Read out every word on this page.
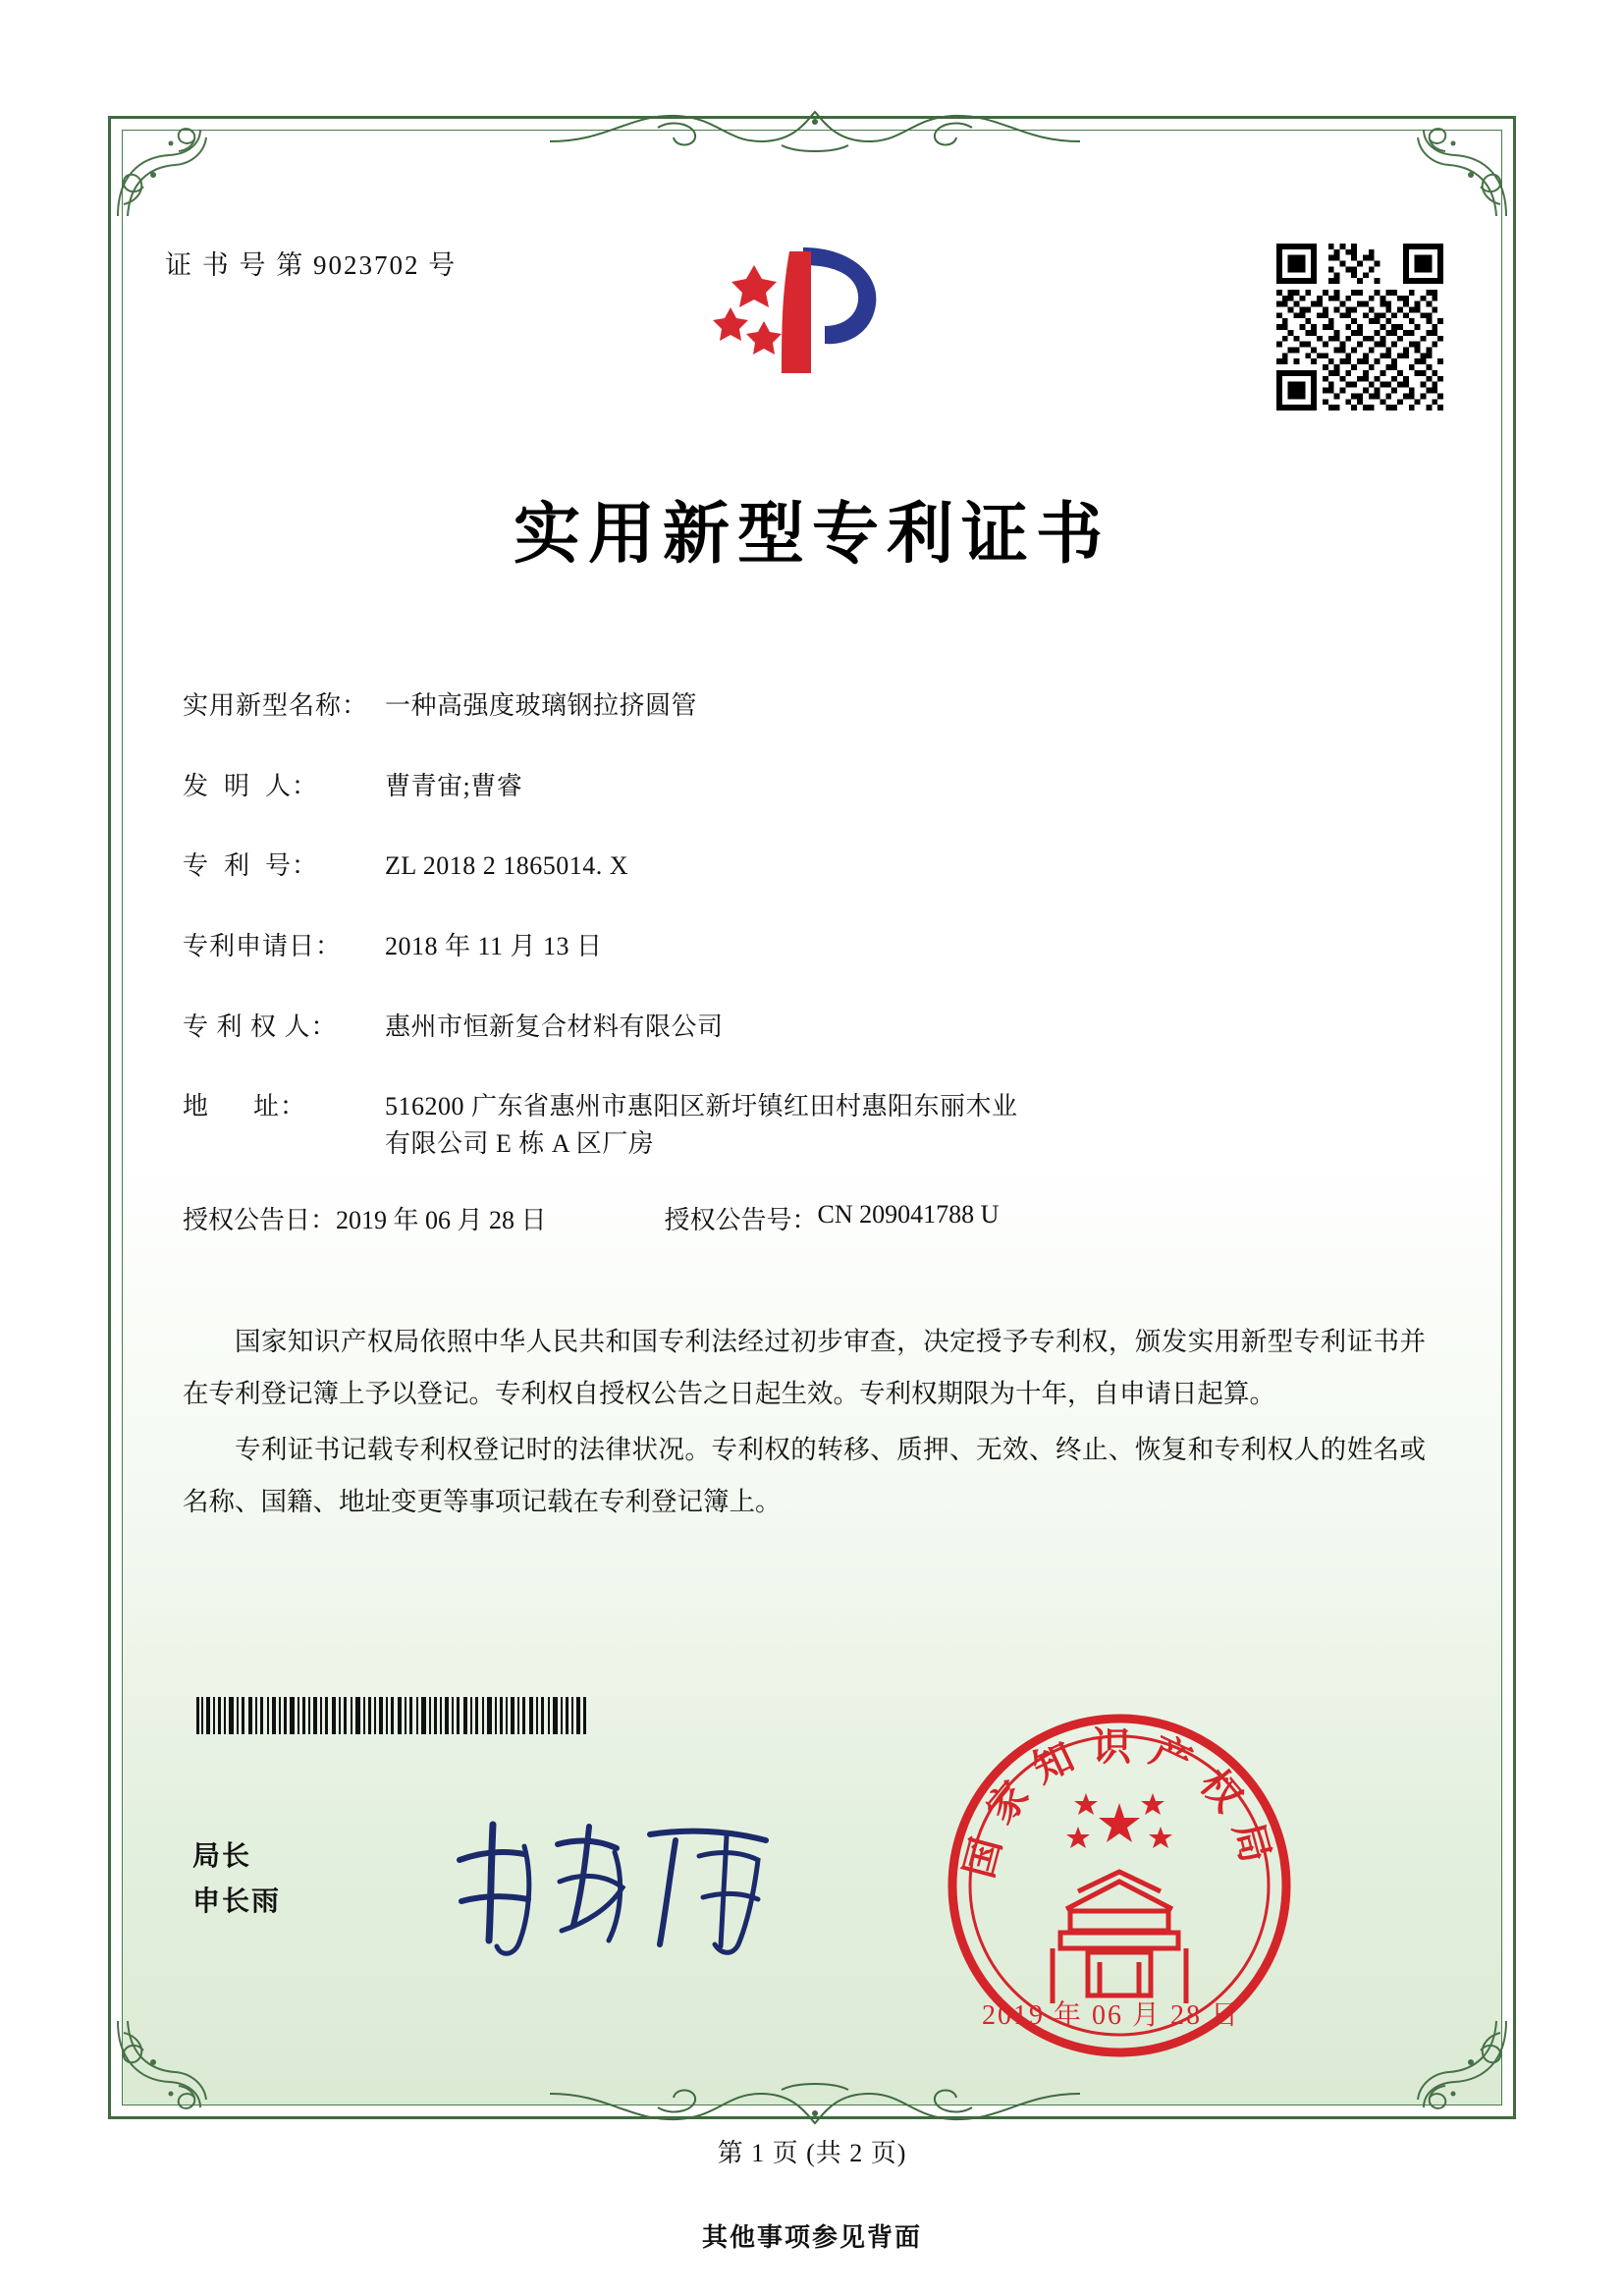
证 书 号 第 9023702 号
实用新型专利证书
实用新型名称： 一种高强度玻璃钢拉挤圆管
发  明  人：	曹青宙;曹睿
专  利  号：	ZL 2018 2 1865014. X
专利申请日：	2018 年 11 月 13 日
专 利 权 人：	惠州市恒新复合材料有限公司
地      址：	516200 广东省惠州市惠阳区新圩镇红田村惠阳东丽木业
有限公司 E 栋 A 区厂房
授权公告日： 2019 年 06 月 28 日	授权公告号： CN 209041788 U

国家知识产权局依照中华人民共和国专利法经过初步审查，决定授予专利权，颁发实用新型专利证书并在专利登记簿上予以登记。专利权自授权公告之日起生效。专利权期限为十年，自申请日起算。

专利证书记载专利权登记时的法律状况。专利权的转移、质押、无效、终止、恢复和专利权人的姓名或名称、国籍、地址变更等事项记载在专利登记簿上。

局长
申长雨
国家知识产权局
2019 年 06 月 28 日
第 1 页 (共 2 页)
其他事项参见背面
